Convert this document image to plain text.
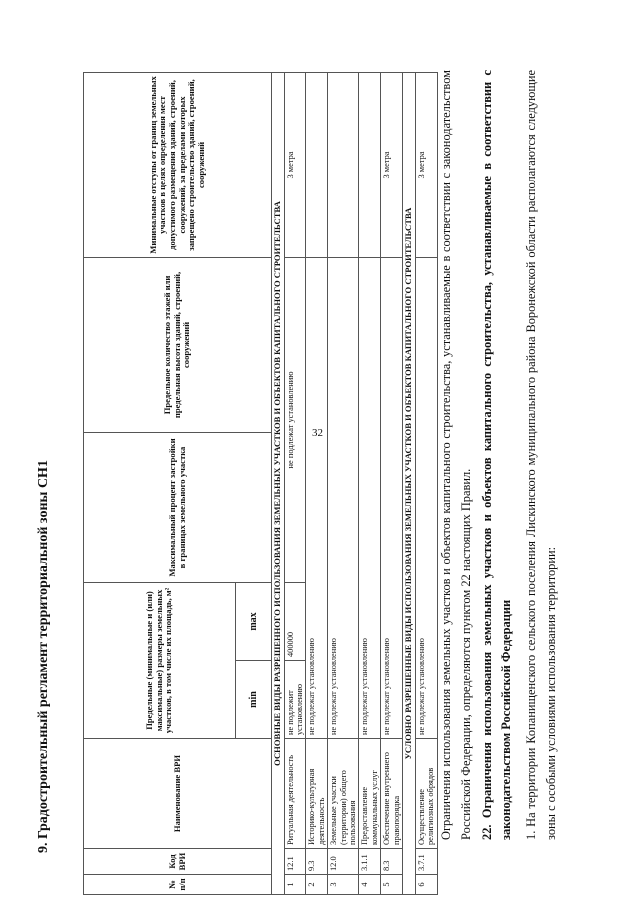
32
9. Градостроительный регламент территориальной зоны СН1
№ п/п	Код ВРИ	Наименование ВРИ	Предельные (минимальные и (или) максимальные) размеры земельных участков, в том числе их площадь, м²		Максимальный процент застройки в границах земельного участка	Предельное количество этажей или предельная высота зданий, строений, сооружений	Минимальные отступы от границ земельных участков в целях определения мест допустимого размещения зданий, строений, сооружений, за пределами которых запрещено строительство зданий, строений, сооружений
			min	max			
ОСНОВНЫЕ ВИДЫ РАЗРЕШЕННОГО ИСПОЛЬЗОВАНИЯ ЗЕМЕЛЬНЫХ УЧАСТКОВ И ОБЪЕКТОВ КАПИТАЛЬНОГО СТРОИТЕЛЬСТВА							
1	12.1	Ритуальная деятельность	не подлежит установлению	400000	не подлежат установлению		3 метра
2	9.3	Историко-культурная деятельность	не подлежат установлению				
3	12.0	Земельные участки (территории) общего пользования	не подлежат установлению				
4	3.1.1	Предоставление коммунальных услуг	не подлежат установлению				
5	8.3	Обеспечение внутреннего правопорядка	не подлежат установлению				3 метра
УСЛОВНО РАЗРЕШЕННЫЕ ВИДЫ ИСПОЛЬЗОВАНИЯ ЗЕМЕЛЬНЫХ УЧАСТКОВ И ОБЪЕКТОВ КАПИТАЛЬНОГО СТРОИТЕЛЬСТВА							
6	3.7.1	Осуществление религиозных обрядов	не подлежат установлению				3 метра Ограничения использования земельных участков и объектов капитального строительства, устанавливаемые в соответствии с законодательством Российской Федерации, определяются пунктом 22 настоящих Правил. 22. Ограничения использования земельных участков и объектов капитального строительства, устанавливаемые в соответствии с законодательством Российской Федерации 1. На территории Копанищенского сельского поселения Лискинского муниципального района Воронежской области располагаются следующие зоны с особыми условиями использования территории:
